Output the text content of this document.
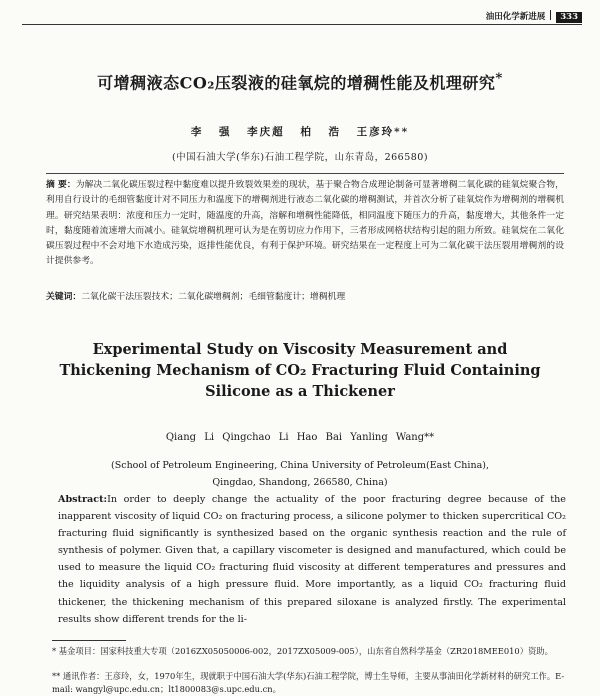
油田化学新进展 333
可增稠液态CO₂压裂液的硅氧烷的增稠性能及机理研究*
李 强 李庆超 柏 浩 王彦玲**
(中国石油大学(华东)石油工程学院，山东青岛，266580)
摘 要：为解决二氧化碳压裂过程中黏度难以提升致裂效果差的现状，基于聚合物合成理论制备可显著增稠二氧化碳的硅氧烷聚合物，利用自行设计的毛细管黏度计对不同压力和温度下的增稠剂进行液态二氧化碳的增稠测试，并首次分析了硅氧烷作为增稠剂的增稠机理。研究结果表明：浓度和压力一定时，随温度的升高，溶解和增稠性能降低，相同温度下随压力的升高，黏度增大，其他条件一定时，黏度随着流速增大而减小。硅氧烷增稠机理可认为是在剪切应力作用下，三者形成网格状结构引起的阻力所致。硅氧烷在二氧化碳压裂过程中不会对地下水造成污染，返排性能优良，有利于保护环境。研究结果在一定程度上可为二氧化碳干法压裂用增稠剂的设计提供参考。
关键词：二氧化碳干法压裂技术；二氧化碳增稠剂；毛细管黏度计；增稠机理
Experimental Study on Viscosity Measurement and
Thickening Mechanism of CO₂ Fracturing Fluid Containing
Silicone as a Thickener
Qiang Li Qingchao Li Hao Bai Yanling Wang**
(School of Petroleum Engineering, China University of Petroleum(East China),
Qingdao, Shandong, 266580, China)
Abstract:In order to deeply change the actuality of the poor fracturing degree because of the inapparent viscosity of liquid CO₂ on fracturing process, a silicone polymer to thicken supercritical CO₂ fracturing fluid significantly is synthesized based on the organic synthesis reaction and the rule of synthesis of polymer. Given that, a capillary viscometer is designed and manufactured, which could be used to measure the liquid CO₂ fracturing fluid viscosity at different temperatures and pressures and the liquidity analysis of a high pressure fluid. More importantly, as a liquid CO₂ fracturing fluid thickener, the thickening mechanism of this prepared siloxane is analyzed firstly. The experimental results show different trends for the li-
* 基金项目：国家科技重大专项（2016ZX05050006-002，2017ZX05009-005），山东省自然科学基金（ZR2018MEE010）资助。
** 通讯作者：王彦玲，女，1970年生，现就职于中国石油大学(华东)石油工程学院，博士生导师，主要从事油田化学新材料的研究工作。E-mail: wangyl@upc.edu.cn；lt1800083@s.upc.edu.cn。
